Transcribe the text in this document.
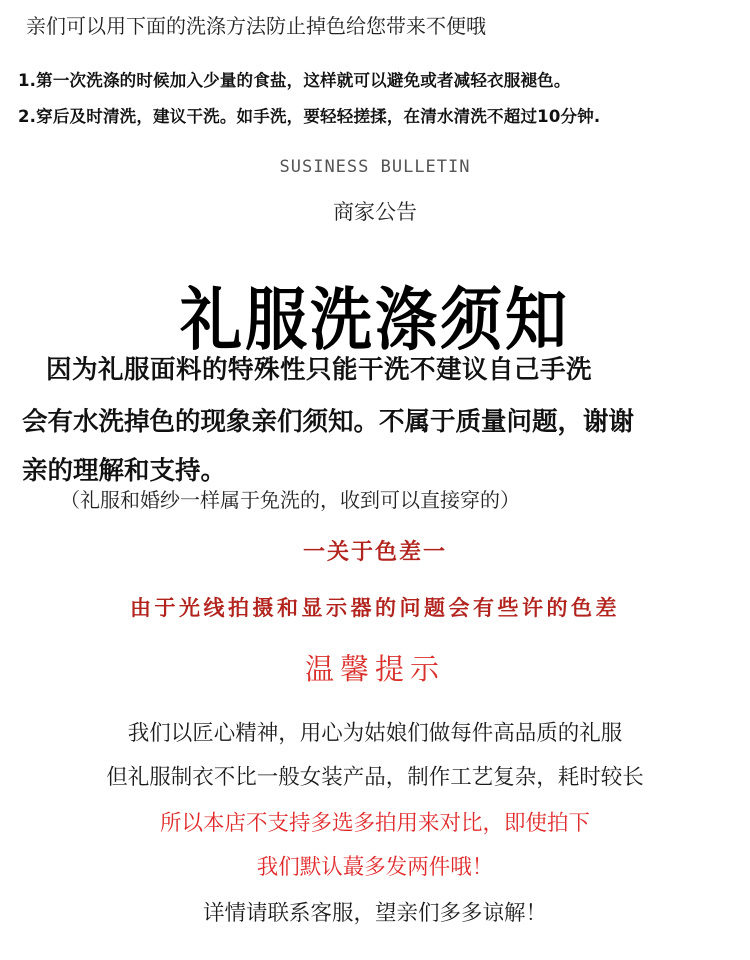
亲们可以用下面的洗涤方法防止掉色给您带来不便哦
1.第一次洗涤的时候加入少量的食盐，这样就可以避免或者减轻衣服褪色。
2.穿后及时清洗，建议干洗。如手洗，要轻轻搓揉，在清水清洗不超过10分钟.
SUSINESS BULLETIN
商家公告
礼服洗涤须知
因为礼服面料的特殊性只能干洗不建议自己手洗
会有水洗掉色的现象亲们须知。不属于质量问题，谢谢
亲的理解和支持。
（礼服和婚纱一样属于免洗的，收到可以直接穿的）
一关于色差一
由于光线拍摄和显示器的问题会有些许的色差
温馨提示
我们以匠心精神，用心为姑娘们做每件高品质的礼服
但礼服制衣不比一般女装产品，制作工艺复杂，耗时较长
所以本店不支持多选多拍用来对比，即使拍下
我们默认蕞多发两件哦！
详情请联系客服，望亲们多多谅解！
